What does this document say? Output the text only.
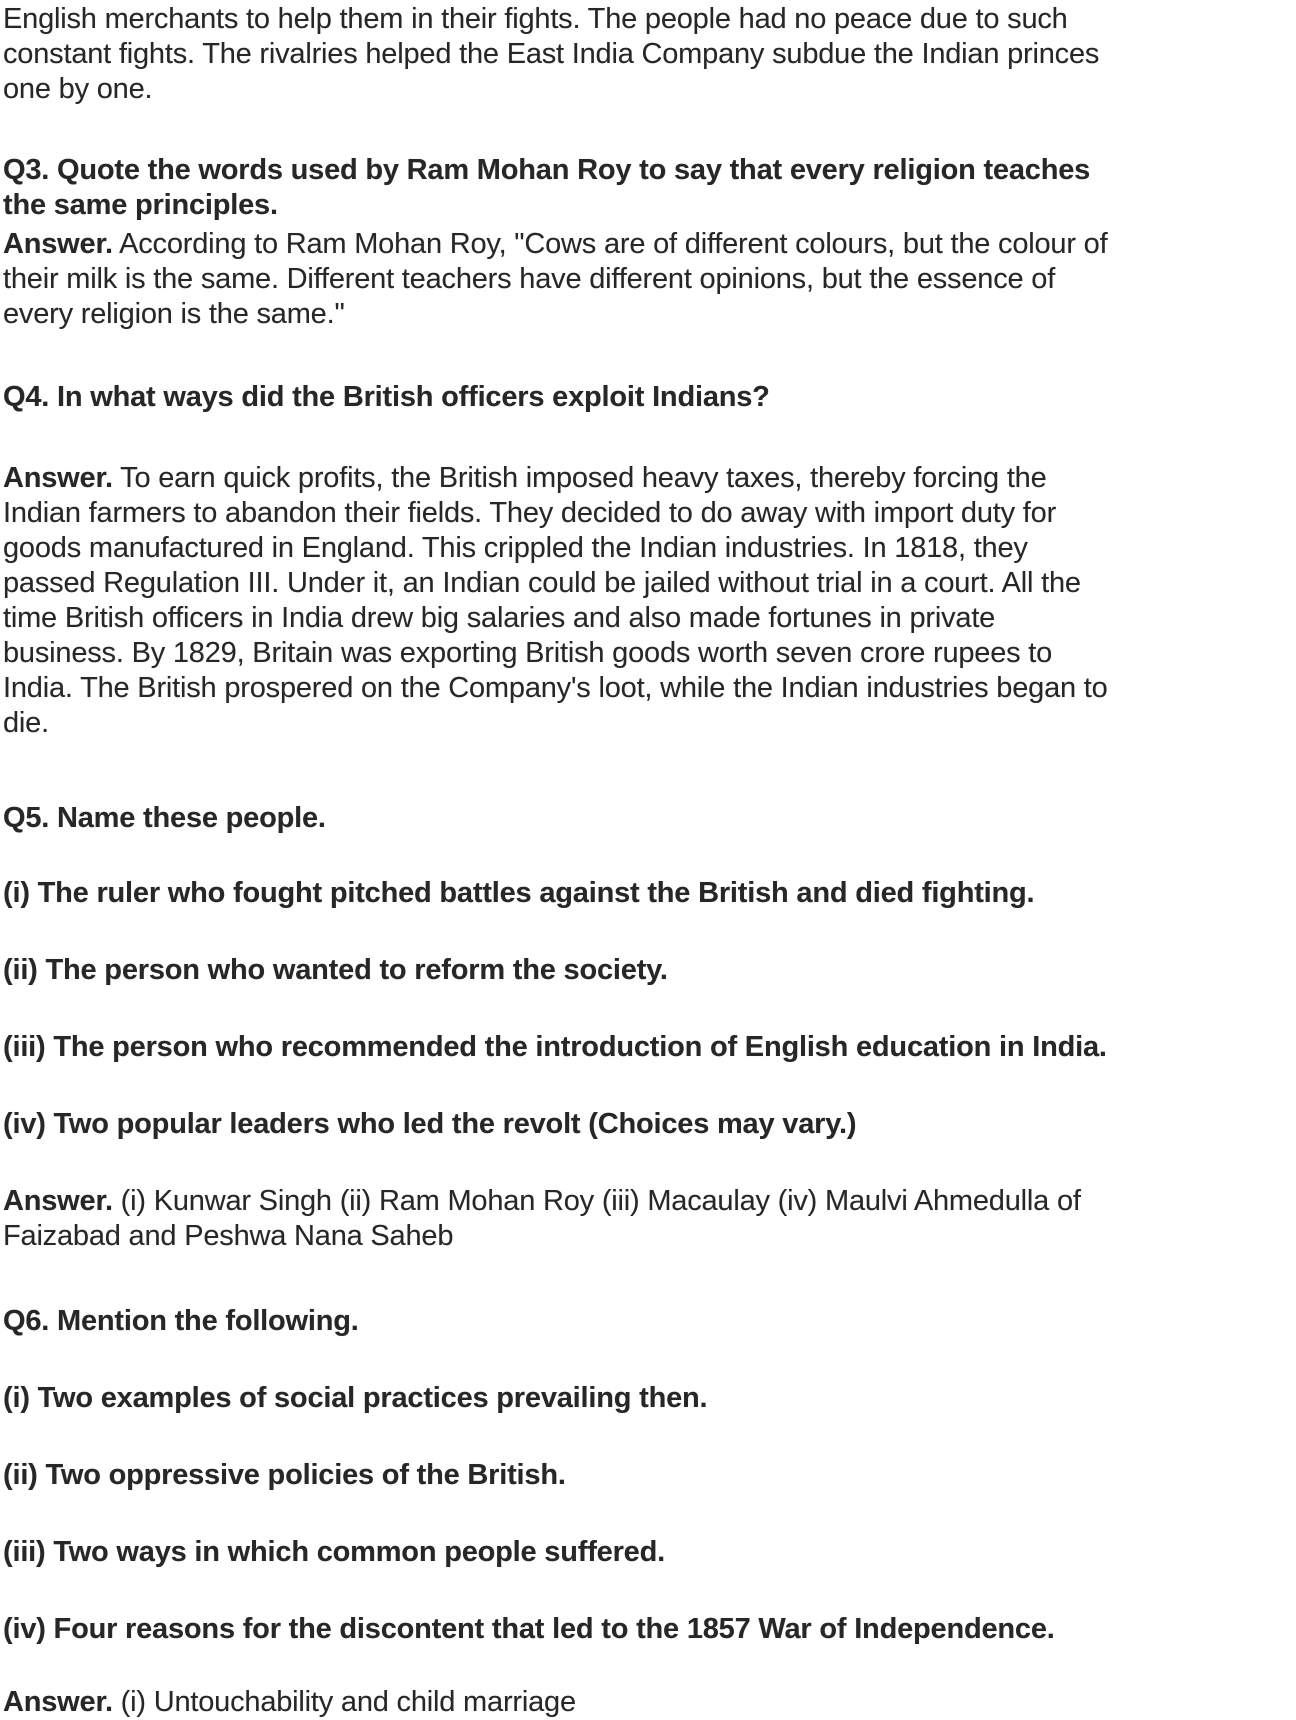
English merchants to help them in their fights. The people had no peace due to such
constant fights. The rivalries helped the East India Company subdue the Indian princes
one by one.
Q3. Quote the words used by Ram Mohan Roy to say that every religion teaches
the same principles.
Answer. According to Ram Mohan Roy, "Cows are of different colours, but the colour of
their milk is the same. Different teachers have different opinions, but the essence of
every religion is the same."
Q4. In what ways did the British officers exploit Indians?
Answer. To earn quick profits, the British imposed heavy taxes, thereby forcing the
Indian farmers to abandon their fields. They decided to do away with import duty for
goods manufactured in England. This crippled the Indian industries. In 1818, they
passed Regulation III. Under it, an Indian could be jailed without trial in a court. All the
time British officers in India drew big salaries and also made fortunes in private
business. By 1829, Britain was exporting British goods worth seven crore rupees to
India. The British prospered on the Company's loot, while the Indian industries began to
die.
Q5. Name these people.
(i) The ruler who fought pitched battles against the British and died fighting.
(ii) The person who wanted to reform the society.
(iii) The person who recommended the introduction of English education in India.
(iv) Two popular leaders who led the revolt (Choices may vary.)
Answer. (i) Kunwar Singh (ii) Ram Mohan Roy (iii) Macaulay (iv) Maulvi Ahmedulla of
Faizabad and Peshwa Nana Saheb
Q6. Mention the following.
(i) Two examples of social practices prevailing then.
(ii) Two oppressive policies of the British.
(iii) Two ways in which common people suffered.
(iv) Four reasons for the discontent that led to the 1857 War of Independence.
Answer. (i) Untouchability and child marriage
